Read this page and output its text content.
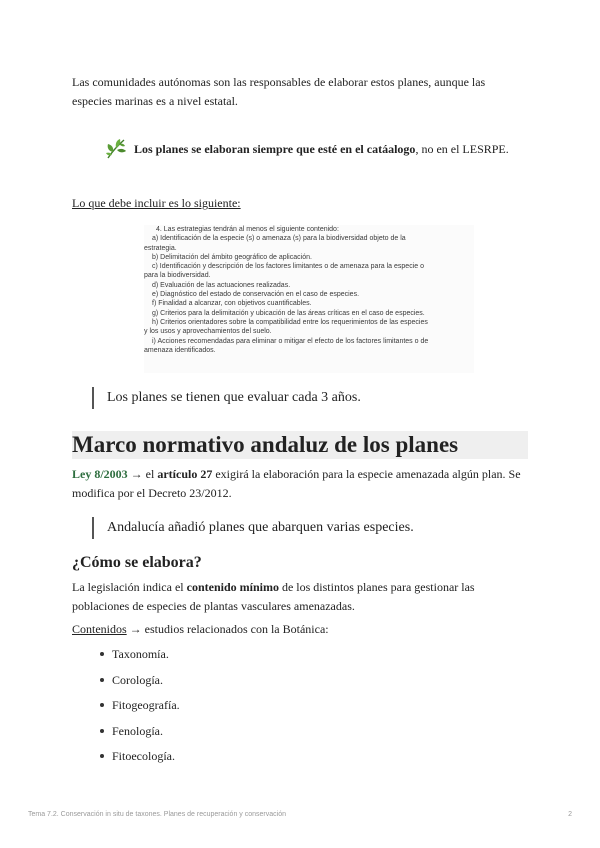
Las comunidades autónomas son las responsables de elaborar estos planes, aunque las
especies marinas es a nivel estatal.

Los planes se elaboran siempre que esté en el catáalogo, no en el LESRPE.

Lo que debe incluir es lo siguiente:

4. Las estrategias tendrán al menos el siguiente contenido:
a) Identificación de la especie (s) o amenaza (s) para la biodiversidad objeto de la
estrategia.
b) Delimitación del ámbito geográfico de aplicación.
c) Identificación y descripción de los factores limitantes o de amenaza para la especie o
para la biodiversidad.
d) Evaluación de las actuaciones realizadas.
e) Diagnóstico del estado de conservación en el caso de especies.
f) Finalidad a alcanzar, con objetivos cuantificables.
g) Criterios para la delimitación y ubicación de las áreas críticas en el caso de especies.
h) Criterios orientadores sobre la compatibilidad entre los requerimientos de las especies
y los usos y aprovechamientos del suelo.
i) Acciones recomendadas para eliminar o mitigar el efecto de los factores limitantes o de
amenaza identificados.
Los planes se tienen que evaluar cada 3 años.
Marco normativo andaluz de los planes

Ley 8/2003 → el artículo 27 exigirá la elaboración para la especie amenazada algún plan. Se
modifica por el Decreto 23/2012.

Andalucía añadió planes que abarquen varias especies.
¿Cómo se elabora?

La legislación indica el contenido mínimo de los distintos planes para gestionar las
poblaciones de especies de plantas vasculares amenazadas.

Contenidos → estudios relacionados con la Botánica:

Taxonomía.
Corología.
Fitogeografía.
Fenología.
Fitoecología.
Tema 7.2. Conservación in situ de taxones. Planes de recuperación y conservación	2
